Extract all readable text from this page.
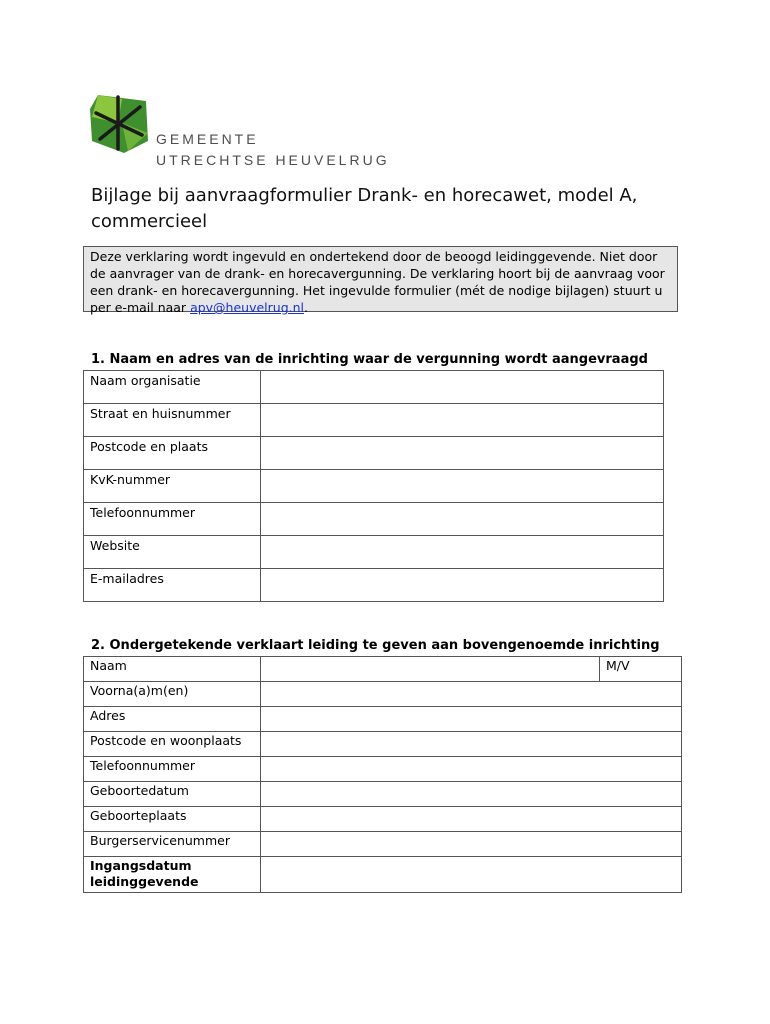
GEMEENTE
UTRECHTSE HEUVELRUG
Bijlage bij aanvraagformulier Drank- en horecawet, model A, commercieel
Deze verklaring wordt ingevuld en ondertekend door de beoogd leidinggevende. Niet door de aanvrager van de drank- en horecavergunning. De verklaring hoort bij de aanvraag voor een drank- en horecavergunning. Het ingevulde formulier (mét de nodige bijlagen) stuurt u per e-mail naar apv@heuvelrug.nl.
1. Naam en adres van de inrichting waar de vergunning wordt aangevraagd
Naam organisatie	
Straat en huisnummer	
Postcode en plaats	
KvK-nummer	
Telefoonnummer	
Website	
E-mailadres	
2. Ondergetekende verklaart leiding te geven aan bovengenoemde inrichting
Naam		M/V
Voorna(a)m(en)		
Adres		
Postcode en woonplaats		
Telefoonnummer		
Geboortedatum		
Geboorteplaats		
Burgerservicenummer		
Ingangsdatum leidinggevende		
